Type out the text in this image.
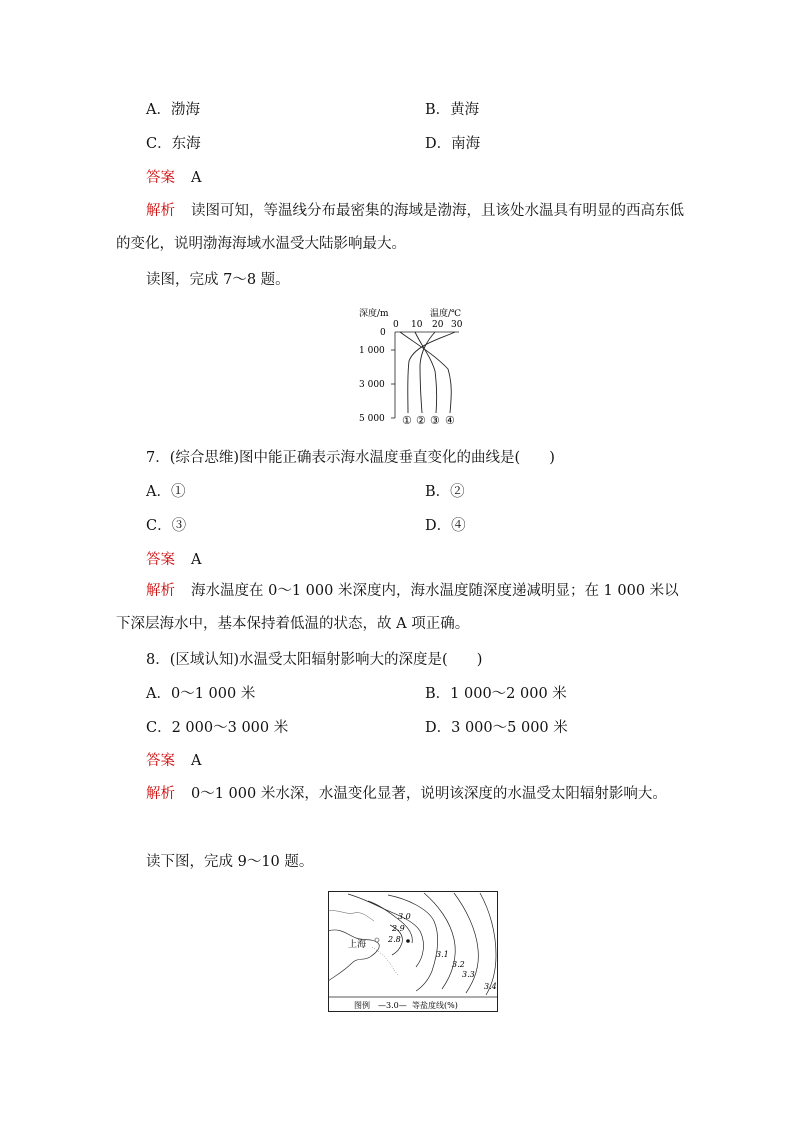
A．渤海	B．黄海
C．东海	D．南海
答案 A
解析 读图可知，等温线分布最密集的海域是渤海，且该处水温具有明显的西高东低的变化，说明渤海海域水温受大陆影响最大。
读图，完成 7～8 题。
深度/m	温度/℃
0 10 20 30
0
1 000
3 000
5 000 ① ② ③ ④
7．(综合思维)图中能正确表示海水温度垂直变化的曲线是(　　)
A．①	B．②
C．③	D．④
答案 A
解析 海水温度在 0～1 000 米深度内，海水温度随深度递减明显；在 1 000 米以下深层海水中，基本保持着低温的状态，故 A 项正确。
8．(区域认知)水温受太阳辐射影响大的深度是(　　)
A．0～1 000 米	B．1 000～2 000 米
C．2 000～3 000 米	D．3 000～5 000 米
答案 A
解析 0～1 000 米水深，水温变化显著，说明该深度的水温受太阳辐射影响大。
读下图，完成 9～10 题。
上海
3.0
2.9
2.8
3.1
3.2
3.3
3.4
图例 —3.0— 等盐度线(%)
